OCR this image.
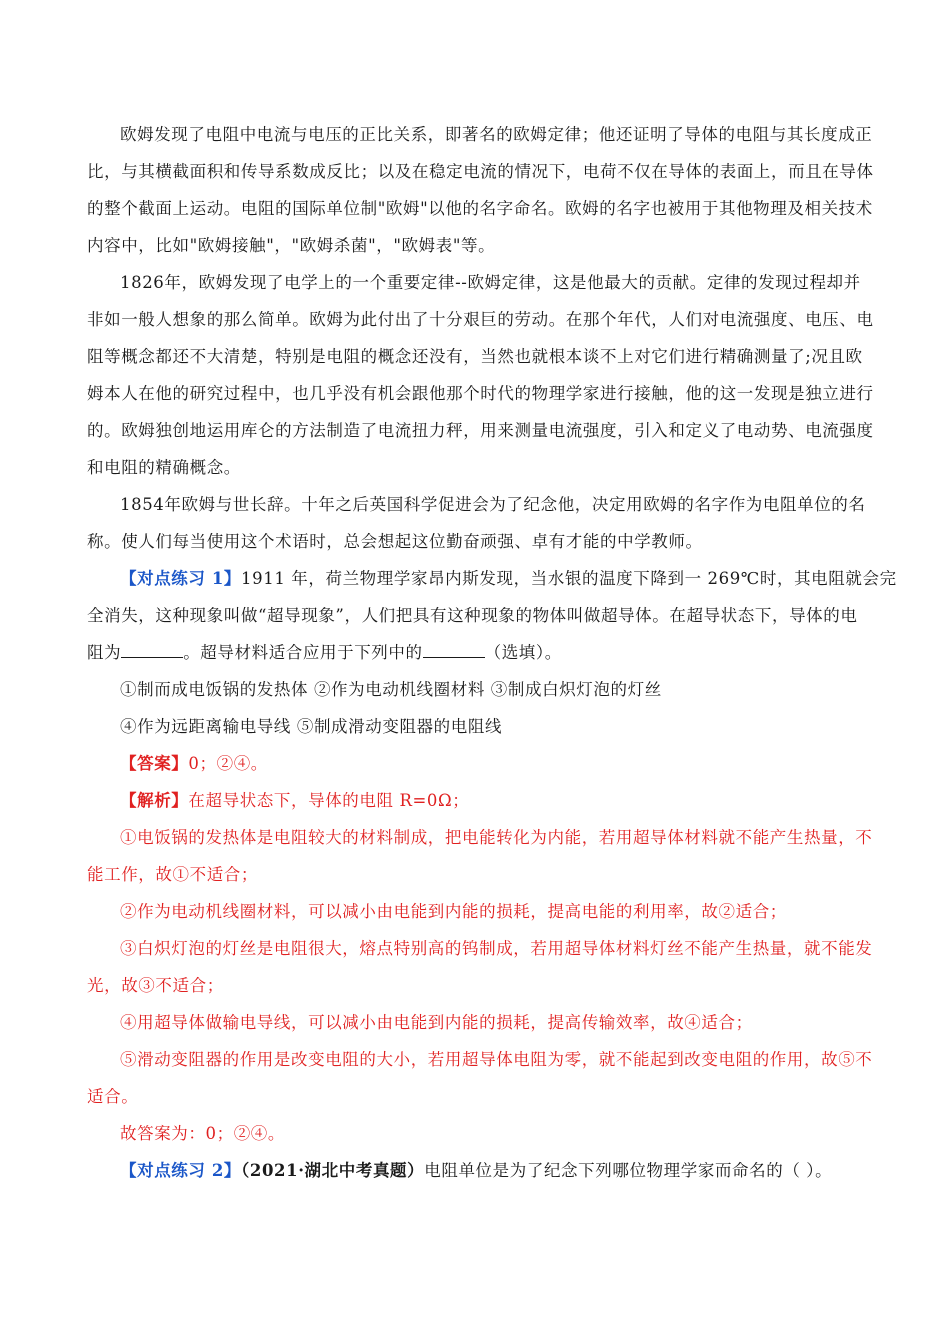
欧姆发现了电阻中电流与电压的正比关系，即著名的欧姆定律；他还证明了导体的电阻与其长度成正
比，与其横截面积和传导系数成反比；以及在稳定电流的情况下，电荷不仅在导体的表面上，而且在导体
的整个截面上运动。电阻的国际单位制"欧姆"以他的名字命名。欧姆的名字也被用于其他物理及相关技术
内容中，比如"欧姆接触"，"欧姆杀菌"，"欧姆表"等。
1826年，欧姆发现了电学上的一个重要定律--欧姆定律，这是他最大的贡献。定律的发现过程却并
非如一般人想象的那么简单。欧姆为此付出了十分艰巨的劳动。在那个年代，人们对电流强度、电压、电
阻等概念都还不大清楚，特别是电阻的概念还没有，当然也就根本谈不上对它们进行精确测量了;况且欧
姆本人在他的研究过程中，也几乎没有机会跟他那个时代的物理学家进行接触，他的这一发现是独立进行
的。欧姆独创地运用库仑的方法制造了电流扭力秤，用来测量电流强度，引入和定义了电动势、电流强度
和电阻的精确概念。
1854年欧姆与世长辞。十年之后英国科学促进会为了纪念他，决定用欧姆的名字作为电阻单位的名
称。使人们每当使用这个术语时，总会想起这位勤奋顽强、卓有才能的中学教师。
【对点练习 1】1911 年，荷兰物理学家昂内斯发现，当水银的温度下降到一 269℃时，其电阻就会完
全消失，这种现象叫做“超导现象”，人们把具有这种现象的物体叫做超导体。在超导状态下，导体的电
阻为	。超导材料适合应用于下列中的	（选填）。
①制而成电饭锅的发热体 ②作为电动机线圈材料 ③制成白炽灯泡的灯丝
④作为远距离输电导线 ⑤制成滑动变阻器的电阻线
【答案】0；②④。
【解析】在超导状态下，导体的电阻 R=0Ω；
①电饭锅的发热体是电阻较大的材料制成，把电能转化为内能，若用超导体材料就不能产生热量，不
能工作，故①不适合；
②作为电动机线圈材料，可以减小由电能到内能的损耗，提高电能的利用率，故②适合；
③白炽灯泡的灯丝是电阻很大，熔点特别高的钨制成，若用超导体材料灯丝不能产生热量，就不能发
光，故③不适合；
④用超导体做输电导线，可以减小由电能到内能的损耗，提高传输效率，故④适合；
⑤滑动变阻器的作用是改变电阻的大小，若用超导体电阻为零，就不能起到改变电阻的作用，故⑤不
适合。
故答案为：0；②④。
【对点练习 2】（2021·湖北中考真题）电阻单位是为了纪念下列哪位物理学家而命名的（ ）。
